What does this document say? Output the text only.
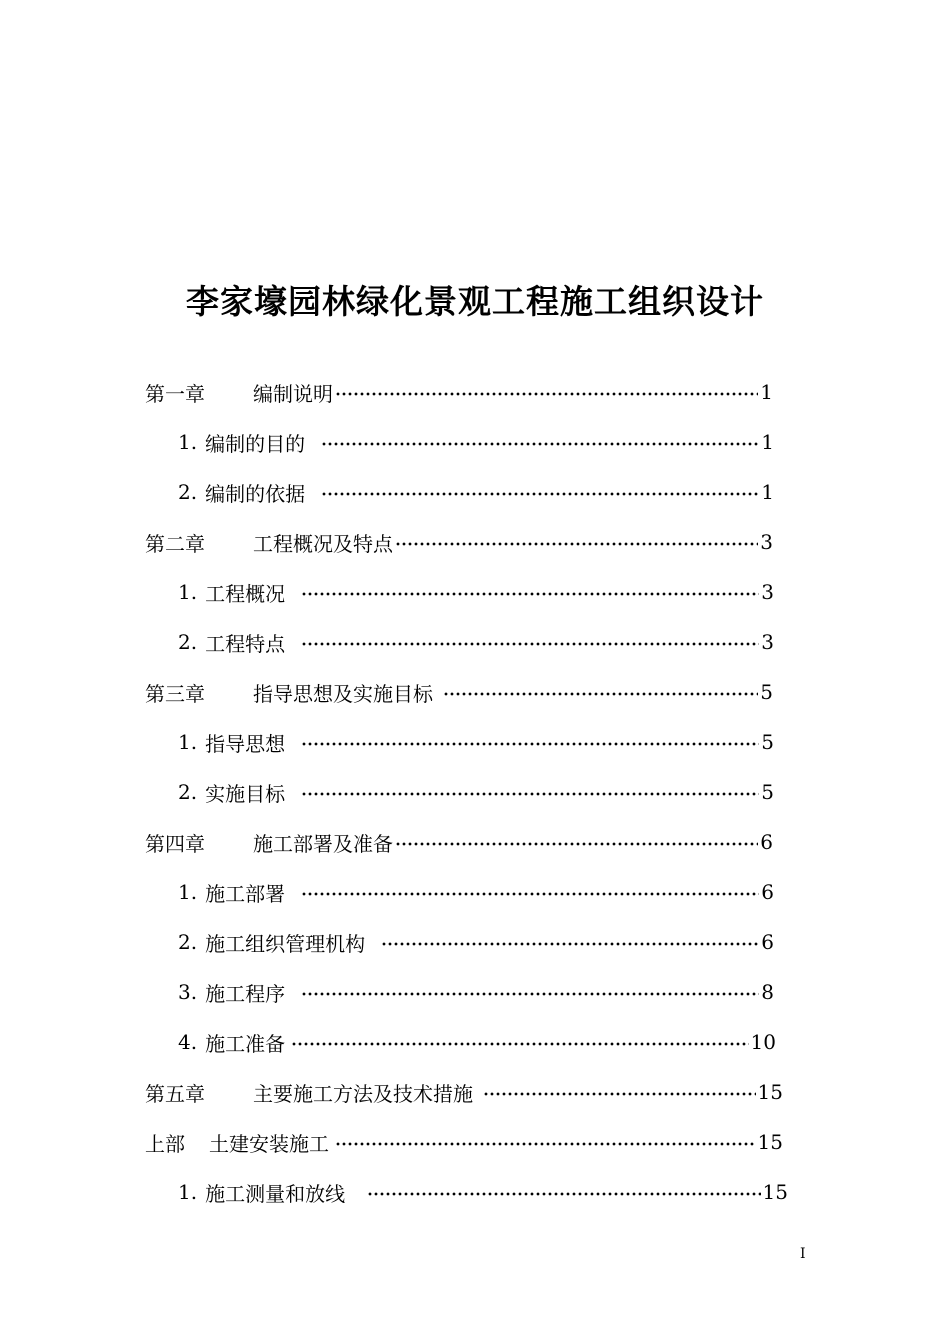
李家壕园林绿化景观工程施工组织设计
第一章 编制说明	1
1. 编制的目的	1
2. 编制的依据	1
第二章 工程概况及特点	3
1. 工程概况	3
2. 工程特点	3
第三章 指导思想及实施目标	5
1. 指导思想	5
2. 实施目标	5
第四章 施工部署及准备	6
1. 施工部署	6
2. 施工组织管理机构	6
3. 施工程序	8
4. 施工准备	10
第五章 主要施工方法及技术措施	15
上部 土建安装施工	15
1. 施工测量和放线	15
I
